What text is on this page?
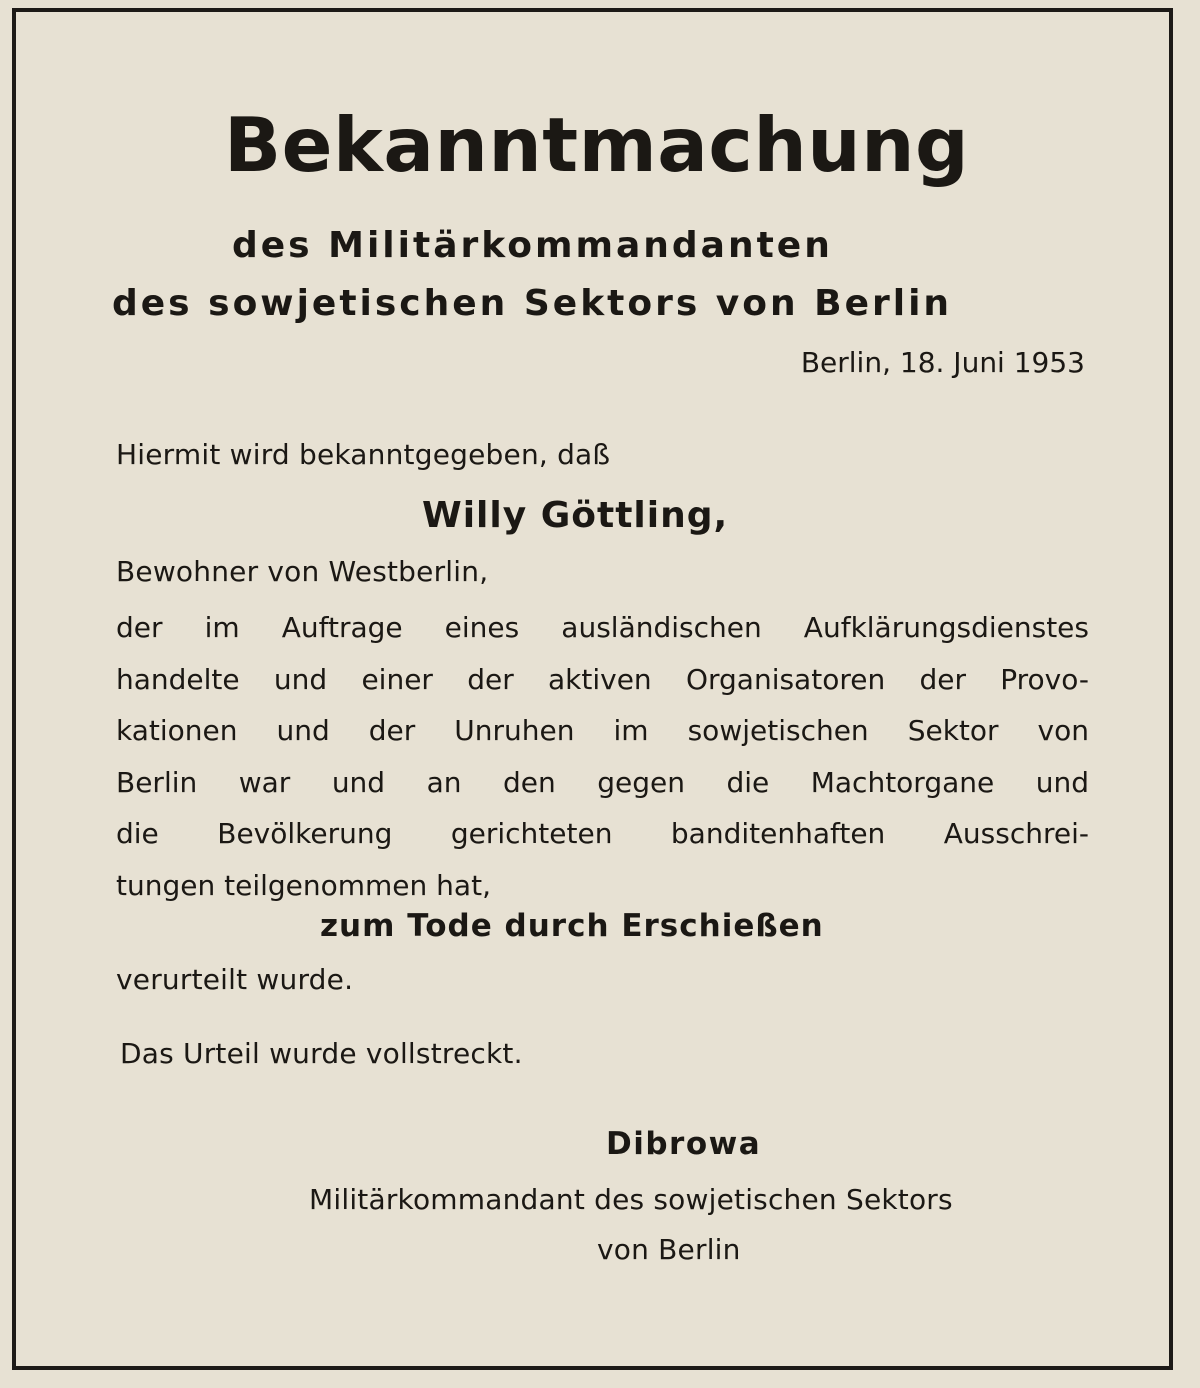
Bekanntmachung
des Militärkommandanten
des sowjetischen Sektors von Berlin
Berlin, 18. Juni 1953
Hiermit wird bekanntgegeben, daß
Willy Göttling,
Bewohner von Westberlin,
der im Auftrage eines ausländischen Aufklärungsdienstes
handelte und einer der aktiven Organisatoren der Provo-
kationen und der Unruhen im sowjetischen Sektor von
Berlin war und an den gegen die Machtorgane und
die Bevölkerung gerichteten banditenhaften Ausschrei-
tungen teilgenommen hat,
zum Tode durch Erschießen
verurteilt wurde.
Das Urteil wurde vollstreckt.
Dibrowa
Militärkommandant des sowjetischen Sektors
von Berlin
